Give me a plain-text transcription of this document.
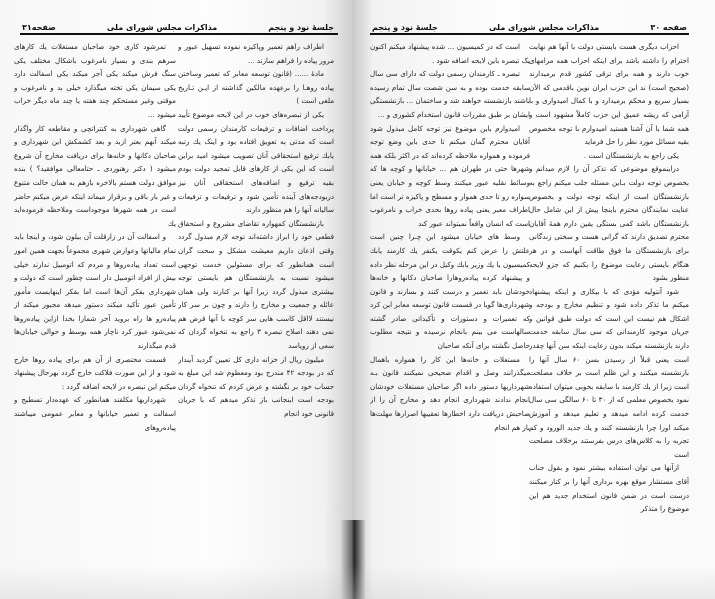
جلسهٔ نود و پنجم
مذاکرات مجلس شورای ملی
صفحه۳۱

اطراف راهم تعمیر وپاکیزه نموده تسهیل عبور و مرور پیاده را فراهم سازند ...

مادهٔ ...... (قانون توسعه معابر که تعمیر وساختن پیاده روهـا را برعهده مالکین گذاشته از ایـن تـاریخ ملغی است )

یکی از تبصره‌های خوب در این لایحه موضوع تأیید پرداخت اضافات و ترفیعات کارمندان رسمی دولت است که مدتی به تعویق افتاده بود و اینک یك رتبه یابك ترفیع استحقاقی آنان تصویب میشود امید براین است که این یکی از کارهای قابل تمجید دولت بودم بقیه ترفیع و اضافه‌های استحقاقی آنان نیز دربودجه‌های آینده تأمین شود و ترفیعات و ترفیعات سالیانه آنها را هم منظور دارند

بازنشستگان کمهواره تقاضای مشروع و استحقاق قطعی خود را ابراز داشته‌اند توجه لازم مبذول گردد وقتی اذعان داریم معیشت مشکل و سخت گران است همانطور که برای مسئولین خدمت توجهی میشود نسبت به بازنشستگان هم بایستی توجه بیشتری مبذول گردد زیرا آنها بر کنارند ولی همان عائله و جمعیت و مخارج را دارند و چون بر سر کار نیستند لااقل کاسب هایی سر کوچه با آنها قرض هم نمی دهند اصلاح تبصره ۳ راجع به تنخواه گردان که سعی از رویاسد

میلیون ریال از خزانه داری کل تعیین گردید آیندار که در بودجه ۴۲ مندرج بود ومعطوم شد این مبلغ به حساب خود بر نگشته و عرض کردم که تنخواه گردان بودجه است اینجانب باز تذکر میدهم که با جریان قانونی خود انجام

تمرشود کاری خود صاحبان مستغلات یك کارهای سرهم بندی و بسیار نامرغوب باشکال مختلف یکی سنگ فرش میکند یکی آجر میکند یکی اسفالت دارد یکی سیمان یکی تخته میگذارد خیلی بد و نامرغوب و موقتی وغیر مستحکم چند هفته یا چند ماه دیگر خراب میشود ...

گاهی شهرداری به کنتراتچی و مقاطعه کار واگذار میکند آنهم بعتر ازبد و بعد کشمکش این شهرداری و صاحبان دکانها و خانه‌ها برای دریافت مخارج آن شروع میشود ( دکتر رهنوردی ـ حتامعالی موافقید؟ ) بنده موافق دولت هستم بالاخره بازهم به همان حالت متنوع و غیر بار باقی و برقرار میماند اینکه عرض میکنم حاضر است در همه شهرها موجوداست وملاحظه فرموده‌اید یك

و اسفالت آن در زارقلت آن بیلون شود، و اینجا باید تمام مالیاتها وعوارض شهری مجموعاً بجهت همین امور است تعداد پیاده‌رو‌ها و مردم که اتومبیل ندارند خیلی بیش از افراد اتومبیل دار است چطور است که دولت و شهرداری بفکر آن‌ها است اما بفکر اینهایست مأمور تأمین عبور تأکید میکند دستور میدهد مجبور میکند از پیاده‌رو ها راه بروید آخر شمارا بخدا ازاین پیاده‌روها نمی‌شود عبور کرد ناچار همه بوسط و حوالی خیابان‌ها قدم میگذارند

قسمت مختصری از آن هم برای پیاده روها خارج شود و از این صورت فلاکت خارج گردد بهرحال پیشنهاد میکنم این تبصره در لایحه اضافه گردد :

شهرداریها مکلفند همانطور که عهده‌دار تسطیح و اسفالت و تعمیر خیابانها و معابر عمومی میباشند پیاده‌روهای

صفحه ۳۰
مذاکرات مجلس شورای ملی
جلسهٔ نود و پنجم

احزاب دیگری هست بایستی دولت با آنها هم نهایت احترام را داشته باشد برای اینکه احزاب همه مرامهای خوب دارند و همه برای ترقی کشور قدم برمیدارند (صحیح است) ند این حزب ایران نوین باقدمی که الآن بسیار سریع و محکم برمیدارد و با کمال امیدواری و با آرامی که ریشه عمیق این حزب کاملاً مشهود است و همه شما با آن آشنا هستید امیدوارم با توجه مخصوص بقیه مسائل مورد نظر را حل فرماید

یکی راجع به بازنشستگان است .

دراینموقع موضوعی که تذکر آن را لازم میدانم و بخصوص توجه دولت بـاین مسئله جلب میکنم راجع به بازنشستگان است از اینکه توجه دولت و بخصوص عنایت نمایندگان محترم باینجا پیش از این شامل حال بازنشستگان باشد کمی بستگی یقین دارم همهٔ آقایان محترم تصدیق دارند که گرانی هست و سختی زندگانی برای بازنشستگان ما فوق طاقت آنهاست و در هر هنگام بایستی رعایت موضوع را بکنیم که جزو لایحه منظور بشود

شود آنتولیه مؤدی که با بیکاری و اینکه پیشنهاد میکنم ما تذکر داده شود و تنظیم مخارج و بودجه و اشکال هم نیست این است که دولت طبق قوانین و جریان موجود کارمندانی که سی سال سابقه خدمت دارند بازنشسته میکند بدون رعایت اینکه سن آنها چقدر است یعنی قبلاً از رسیدن بسن ۶۰ سال آنها را بازنشسته میکنند و این ظلم است بر خلاف مصلحت است زیرا از یك کارمند با سابقه بخوبی میتوان استفاده نمود بخصوص معلمی که از ۳۰ تا ۶۰ سالگی سی سال خدمت کرده ادامه میدهد و تعلیم میدهد و آموزش میکند اورا چرا بازنشسته کنند و یك جدید الورود و کم تجربه را به کلاس‌های درس بفرستند برخلاف مصلحت است

ازآنها می توان استفاده بیشتر نمود و بقول جناب آقای مستشار موقع بهره برداری آنها را بر کنار میکنند درست است در ضمن قانون استخدام جدید هم این موضوع را متذکر

است که در کمیسیون ... شده پیشنهاد میکنم اکنون یک تبصره باین لایحه اضافه شود .

تبصره ـ کارمندان رسمی دولت که دارای سی سال سابقه خدمت بوده و به سن شصت سال تمام رسیده باشند بازنشسته خواهند شد و ساختمان ... بازنشستگی ایشان بر طبق مقررات قانون استخدام کشوری و ...

امیدوارم باین موضوع نیز توجه کامل مبذول شود آقایان محترم گمان میکنم تا حدی باین وضع توجه فرموده و همواره ملاحظه کرده‌اند که در اکثر بلکه همه شهرها حتی در طهران هم ... خیابانها و کوچه ها که وسائط نقلیه عبور میکنند وسط کوچه و خیابان یعنی سواره رو تا حدی هموار و مسطح و پاکیزه تر است اما اطراف معبر یعنی پیاده روها بحدی خراب و نامرغوب است که انسان واقعاً نمیتواند عبور کند

وسط های خیابان میشود این چـرا چنین است علتش را عرض کنم یکوقت یکنفر یك کارمند یابك کمیسیون یا یك وزیر یابك وکیل در این مرحله نظر داده و پیشنهاد کرده پیاده‌روهارا صاحبان دکانها و خانه‌ها خودشان باید تعمیر و درست کنند و بسازند و قانون شهرداری‌ها گویا در قسمت قانون توسعه معابر این کرد که تعمیرات و دستورات و تأکیداتی صادر گشته سالهاست می بینم بانجام نرسیده و نتیجه مطلوب حاصل نگشته برای آنکه صاحبان

مستغلات و خانه‌ها این کار را همواره باهمال میگذرانند وصل و اقدام صحیحی نمیکنند قانون بـه شهرداریها دستور داده اگر صاحبان مستغلات خودشان انجام ندادند شهرداری انجام دهد و مخارج آن را از صاحبش دریافت دارد اخطارها تعقیبها اصرارها مهلت‌ها باز هم انجام
